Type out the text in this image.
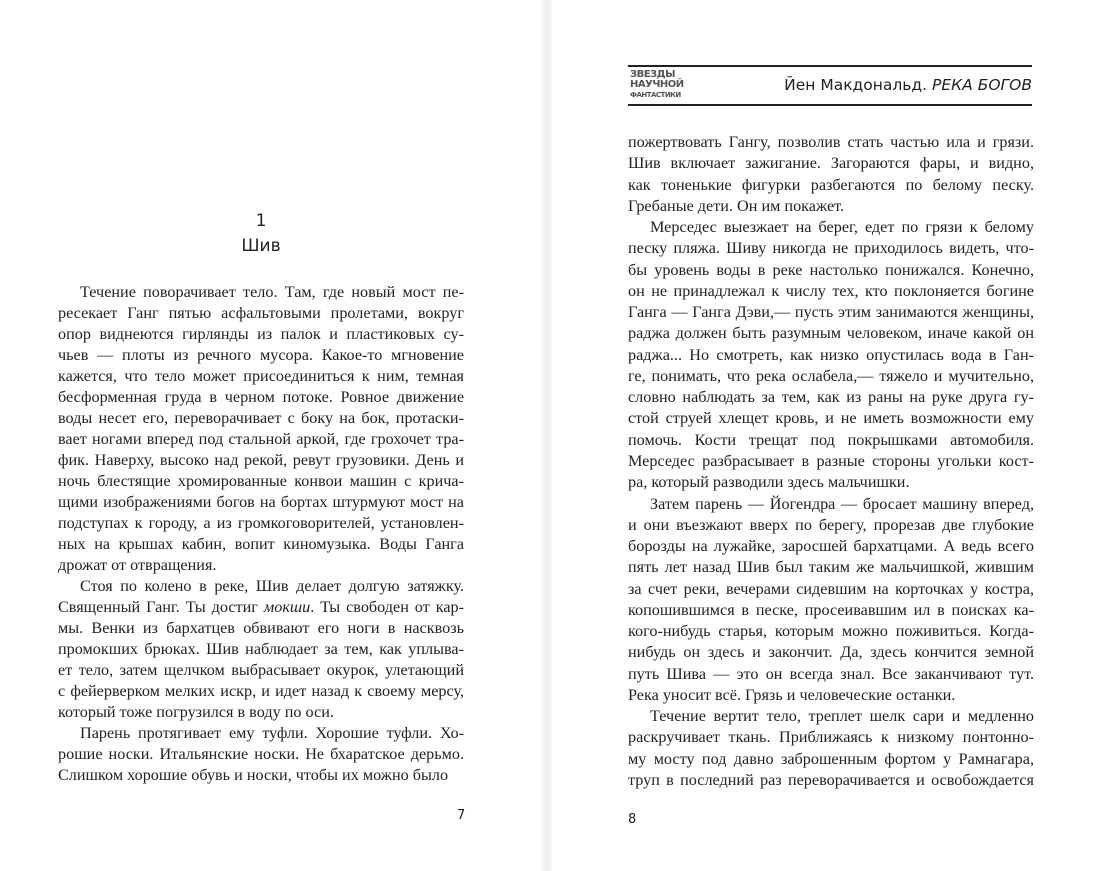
1
Шив
Течение поворачивает тело. Там, где новый мост пе-
ресекает Ганг пятью асфальтовыми пролетами, вокруг
опор виднеются гирлянды из палок и пластиковых су-
чьев — плоты из речного мусора. Какое-то мгновение
кажется, что тело может присоединиться к ним, темная
бесформенная груда в черном потоке. Ровное движение
воды несет его, переворачивает с боку на бок, протаски-
вает ногами вперед под стальной аркой, где грохочет тра-
фик. Наверху, высоко над рекой, ревут грузовики. День и
ночь блестящие хромированные конвои машин с крича-
щими изображениями богов на бортах штурмуют мост на
подступах к городу, а из громкоговорителей, установлен-
ных на крышах кабин, вопит киномузыка. Воды Ганга
дрожат от отвращения.
Стоя по колено в реке, Шив делает долгую затяжку.
Священный Ганг. Ты достиг мокши. Ты свободен от кар-
мы. Венки из бархатцев обвивают его ноги в насквозь
промокших брюках. Шив наблюдает за тем, как уплыва-
ет тело, затем щелчком выбрасывает окурок, улетающий
с фейерверком мелких искр, и идет назад к своему мерсу,
который тоже погрузился в воду по оси.
Парень протягивает ему туфли. Хорошие туфли. Хо-
рошие носки. Итальянские носки. Не бхаратское дерьмо.
Слишком хорошие обувь и носки, чтобы их можно было
7
ЗВЕЗДЫ
НАУЧНОЙ
ФАНТАСТИКИ
Йен Макдональд. РЕКА БОГОВ
пожертвовать Гангу, позволив стать частью ила и грязи.
Шив включает зажигание. Загораются фары, и видно,
как тоненькие фигурки разбегаются по белому песку.
Гребаные дети. Он им покажет.
Мерседес выезжает на берег, едет по грязи к белому
песку пляжа. Шиву никогда не приходилось видеть, что-
бы уровень воды в реке настолько понижался. Конечно,
он не принадлежал к числу тех, кто поклоняется богине
Ганга — Ганга Дэви,— пусть этим занимаются женщины,
раджа должен быть разумным человеком, иначе какой он
раджа... Но смотреть, как низко опустилась вода в Ган-
ге, понимать, что река ослабела,— тяжело и мучительно,
словно наблюдать за тем, как из раны на руке друга гу-
стой струей хлещет кровь, и не иметь возможности ему
помочь. Кости трещат под покрышками автомобиля.
Мерседес разбрасывает в разные стороны угольки кост-
ра, который разводили здесь мальчишки.
Затем парень — Йогендра — бросает машину вперед,
и они въезжают вверх по берегу, прорезав две глубокие
борозды на лужайке, заросшей бархатцами. А ведь всего
пять лет назад Шив был таким же мальчишкой, жившим
за счет реки, вечерами сидевшим на корточках у костра,
копошившимся в песке, просеивавшим ил в поисках ка-
кого-нибудь старья, которым можно поживиться. Когда-
нибудь он здесь и закончит. Да, здесь кончится земной
путь Шива — это он всегда знал. Все заканчивают тут.
Река уносит всё. Грязь и человеческие останки.
Течение вертит тело, треплет шелк сари и медленно
раскручивает ткань. Приближаясь к низкому понтонно-
му мосту под давно заброшенным фортом у Рамнагара,
труп в последний раз переворачивается и освобождается
8
